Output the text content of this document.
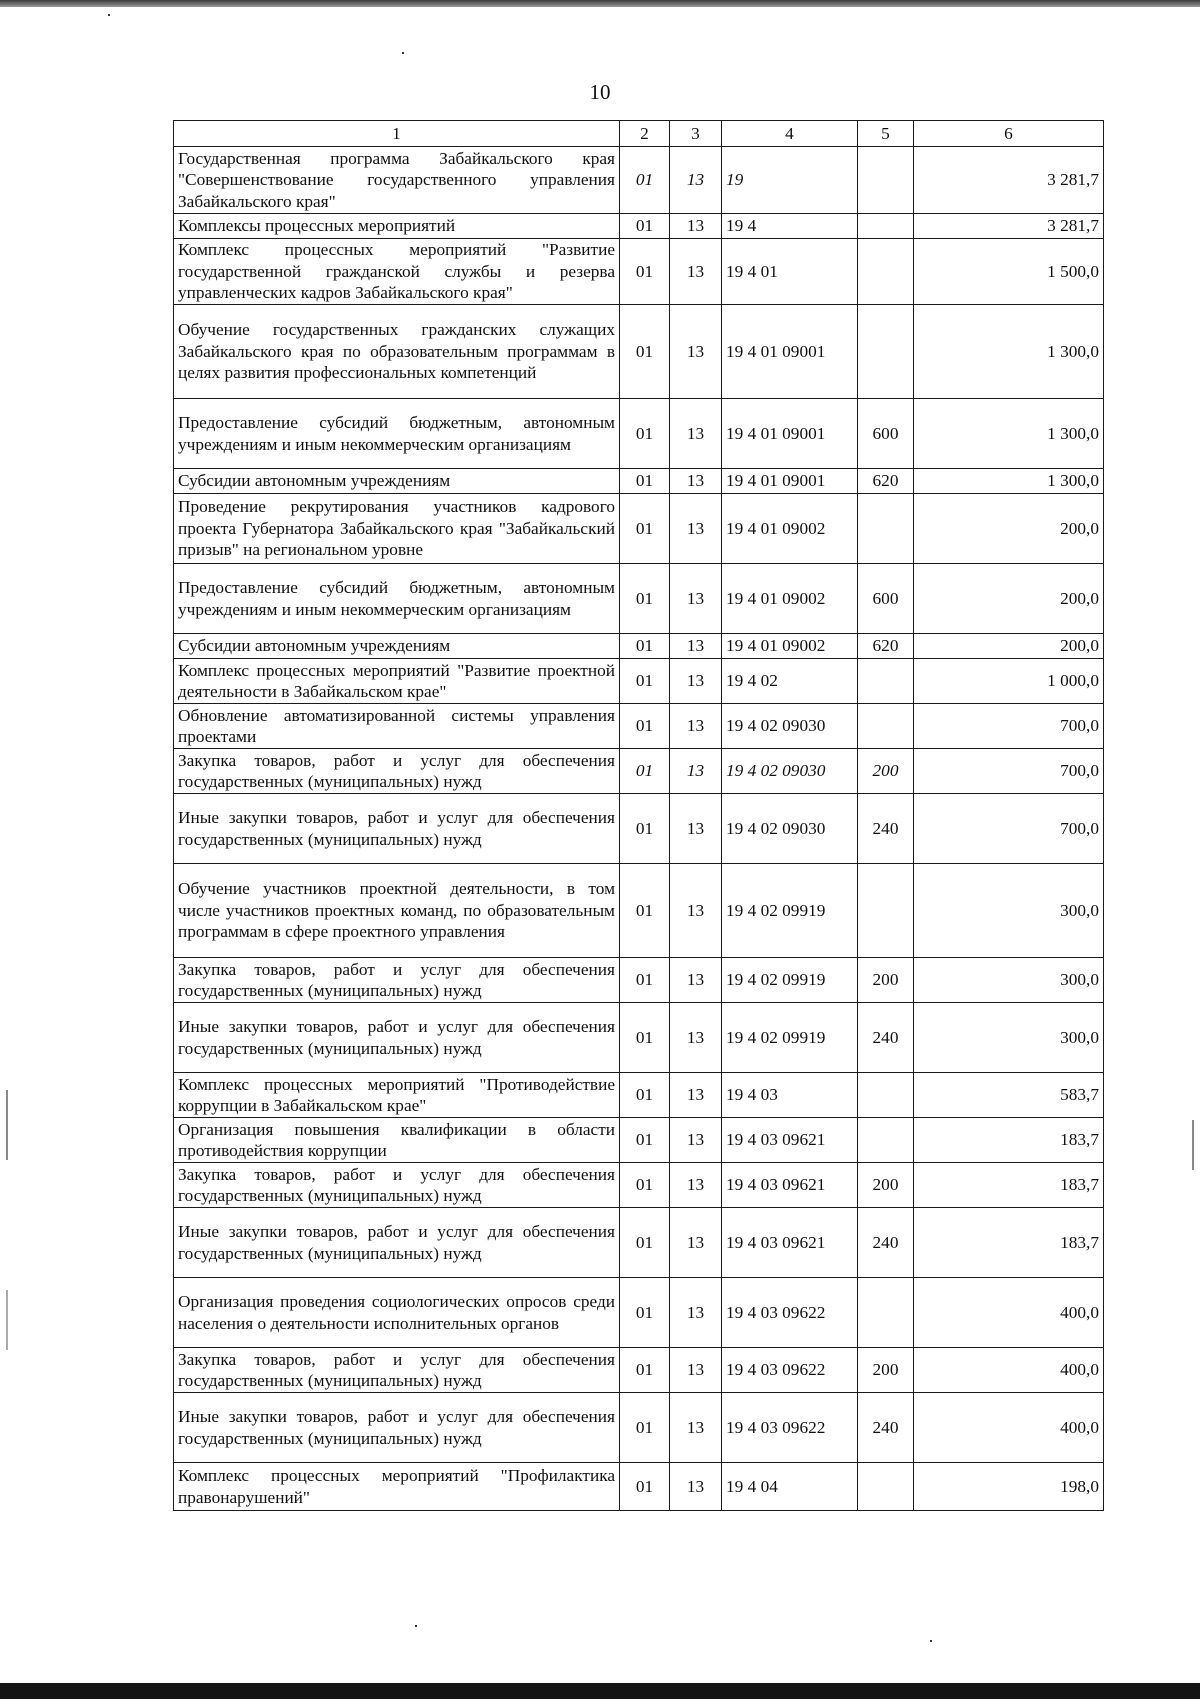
10
1	2	3	4	5	6
Государственная программа Забайкальского края "Совершенствование государственного управления Забайкальского края"	01	13	19		3 281,7
Комплексы процессных мероприятий	01	13	19 4		3 281,7
Комплекс процессных мероприятий "Развитие государственной гражданской службы и резерва управленческих кадров Забайкальского края"	01	13	19 4 01		1 500,0
Обучение государственных гражданских служащих Забайкальского края по образовательным программам в целях развития профессиональных компетенций	01	13	19 4 01 09001		1 300,0
Предоставление субсидий бюджетным, автономным учреждениям и иным некоммерческим организациям	01	13	19 4 01 09001	600	1 300,0
Субсидии автономным учреждениям	01	13	19 4 01 09001	620	1 300,0
Проведение рекрутирования участников кадрового проекта Губернатора Забайкальского края "Забайкальский призыв" на региональном уровне	01	13	19 4 01 09002		200,0
Предоставление субсидий бюджетным, автономным учреждениям и иным некоммерческим организациям	01	13	19 4 01 09002	600	200,0
Субсидии автономным учреждениям	01	13	19 4 01 09002	620	200,0
Комплекс процессных мероприятий "Развитие проектной деятельности в Забайкальском крае"	01	13	19 4 02		1 000,0
Обновление автоматизированной системы управления проектами	01	13	19 4 02 09030		700,0
Закупка товаров, работ и услуг для обеспечения государственных (муниципальных) нужд	01	13	19 4 02 09030	200	700,0
Иные закупки товаров, работ и услуг для обеспечения государственных (муниципальных) нужд	01	13	19 4 02 09030	240	700,0
Обучение участников проектной деятельности, в том числе участников проектных команд, по образовательным программам в сфере проектного управления	01	13	19 4 02 09919		300,0
Закупка товаров, работ и услуг для обеспечения государственных (муниципальных) нужд	01	13	19 4 02 09919	200	300,0
Иные закупки товаров, работ и услуг для обеспечения государственных (муниципальных) нужд	01	13	19 4 02 09919	240	300,0
Комплекс процессных мероприятий "Противодействие коррупции в Забайкальском крае"	01	13	19 4 03		583,7
Организация повышения квалификации в области противодействия коррупции	01	13	19 4 03 09621		183,7
Закупка товаров, работ и услуг для обеспечения государственных (муниципальных) нужд	01	13	19 4 03 09621	200	183,7
Иные закупки товаров, работ и услуг для обеспечения государственных (муниципальных) нужд	01	13	19 4 03 09621	240	183,7
Организация проведения социологических опросов среди населения о деятельности исполнительных органов	01	13	19 4 03 09622		400,0
Закупка товаров, работ и услуг для обеспечения государственных (муниципальных) нужд	01	13	19 4 03 09622	200	400,0
Иные закупки товаров, работ и услуг для обеспечения государственных (муниципальных) нужд	01	13	19 4 03 09622	240	400,0
Комплекс процессных мероприятий "Профилактика правонарушений"	01	13	19 4 04		198,0
